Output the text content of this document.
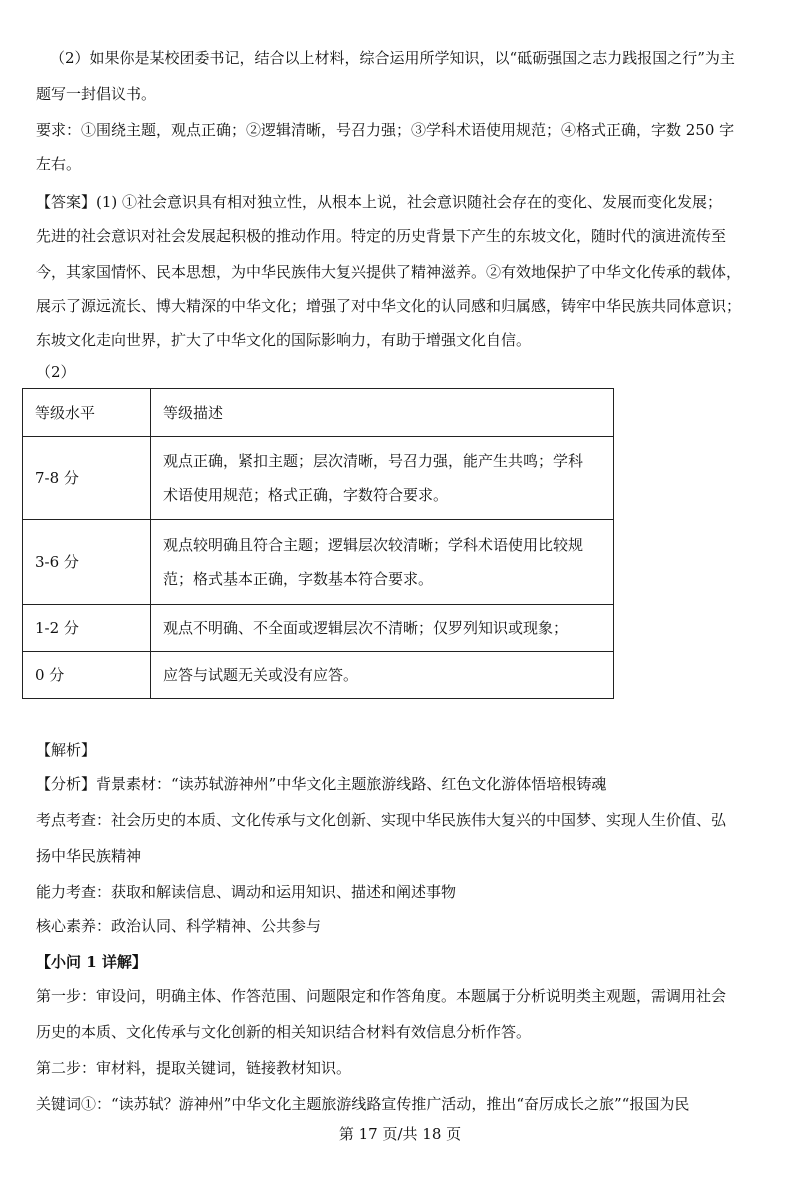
（2）如果你是某校团委书记，结合以上材料，综合运用所学知识，以“砥砺强国之志力践报国之行”为主
题写一封倡议书。
要求：①围绕主题，观点正确；②逻辑清晰，号召力强；③学科术语使用规范；④格式正确，字数 250 字
左右。
【答案】(1) ①社会意识具有相对独立性，从根本上说，社会意识随社会存在的变化、发展而变化发展；
先进的社会意识对社会发展起积极的推动作用。特定的历史背景下产生的东坡文化，随时代的演进流传至
今，其家国情怀、民本思想，为中华民族伟大复兴提供了精神滋养。②有效地保护了中华文化传承的载体，
展示了源远流长、博大精深的中华文化；增强了对中华文化的认同感和归属感，铸牢中华民族共同体意识；
东坡文化走向世界，扩大了中华文化的国际影响力，有助于增强文化自信。
（2）
等级水平	等级描述
7-8 分	观点正确，紧扣主题；层次清晰，号召力强，能产生共鸣；学科
术语使用规范；格式正确，字数符合要求。

3-6 分	观点较明确且符合主题；逻辑层次较清晰；学科术语使用比较规
范；格式基本正确，字数基本符合要求。

1-2 分	观点不明确、不全面或逻辑层次不清晰；仅罗列知识或现象；

0 分	应答与试题无关或没有应答。
【解析】
【分析】背景素材：“读苏轼游神州”中华文化主题旅游线路、红色文化游体悟培根铸魂
考点考查：社会历史的本质、文化传承与文化创新、实现中华民族伟大复兴的中国梦、实现人生价值、弘
扬中华民族精神
能力考查：获取和解读信息、调动和运用知识、描述和阐述事物
核心素养：政治认同、科学精神、公共参与
【小问 1 详解】
第一步：审设问，明确主体、作答范围、问题限定和作答角度。本题属于分析说明类主观题，需调用社会
历史的本质、文化传承与文化创新的相关知识结合材料有效信息分析作答。
第二步：审材料，提取关键词，链接教材知识。
关键词①：“读苏轼？游神州”中华文化主题旅游线路宣传推广活动，推出“奋厉成长之旅”“报国为民
第 17 页/共 18 页
